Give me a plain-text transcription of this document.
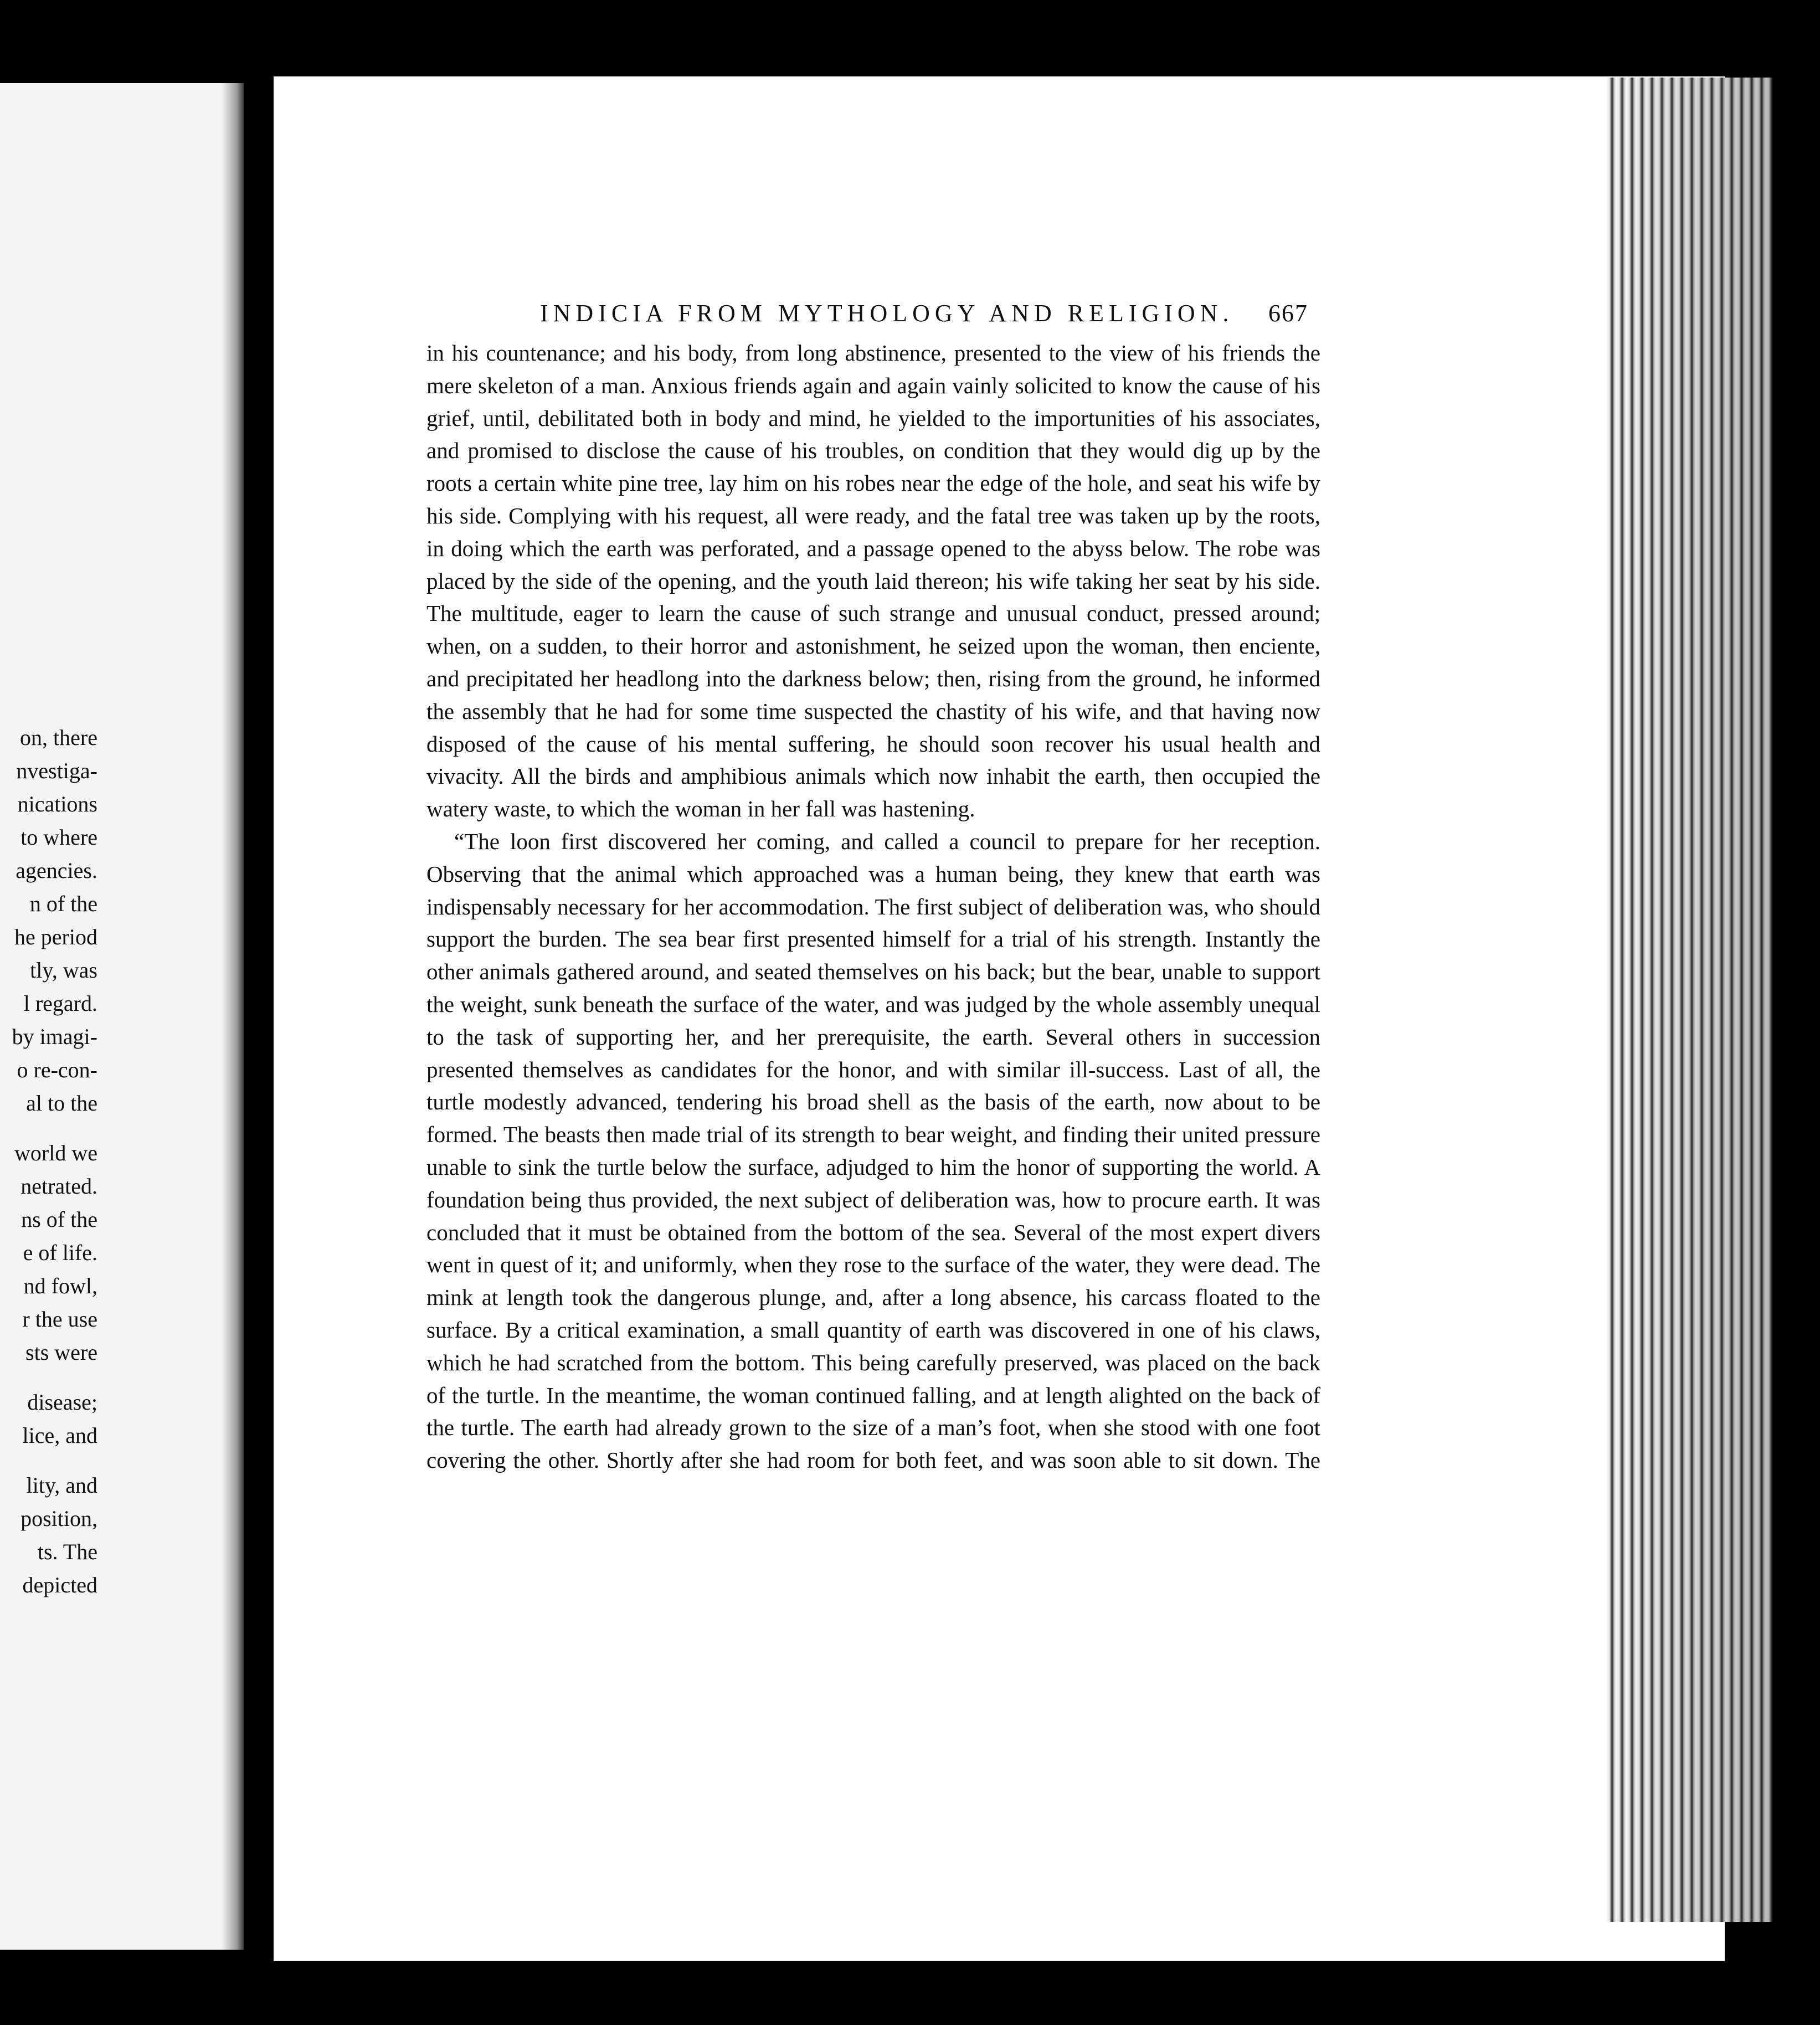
on, there
nvestiga-
nications
to where
agencies.
n of the
he period
tly, was
l regard.
by imagi-
o re-con-
al to the
world we
netrated.
ns of the
e of life.
nd fowl,
r the use
sts were
disease;
lice, and
lity, and
position,
ts. The
depicted
INDICIA FROM MYTHOLOGY AND RELIGION.	667

in his countenance; and his body, from long abstinence, presented to the view of his friends the mere skeleton of a man. Anxious friends again and again vainly solicited to know the cause of his grief, until, debilitated both in body and mind, he yielded to the importunities of his associates, and promised to disclose the cause of his troubles, on condition that they would dig up by the roots a certain white pine tree, lay him on his robes near the edge of the hole, and seat his wife by his side. Complying with his request, all were ready, and the fatal tree was taken up by the roots, in doing which the earth was perforated, and a passage opened to the abyss below. The robe was placed by the side of the opening, and the youth laid thereon; his wife taking her seat by his side. The multitude, eager to learn the cause of such strange and unusual conduct, pressed around; when, on a sudden, to their horror and astonishment, he seized upon the woman, then enciente, and precipitated her headlong into the darkness below; then, rising from the ground, he informed the assembly that he had for some time suspected the chastity of his wife, and that having now disposed of the cause of his mental suffering, he should soon recover his usual health and vivacity. All the birds and amphibious animals which now inhabit the earth, then occupied the watery waste, to which the woman in her fall was hastening.

“The loon first discovered her coming, and called a council to prepare for her reception. Observing that the animal which approached was a human being, they knew that earth was indispensably necessary for her accommodation. The first subject of deliberation was, who should support the burden. The sea bear first presented himself for a trial of his strength. Instantly the other animals gathered around, and seated themselves on his back; but the bear, unable to support the weight, sunk beneath the surface of the water, and was judged by the whole assembly unequal to the task of supporting her, and her prerequisite, the earth. Several others in succession presented themselves as candidates for the honor, and with similar ill-success. Last of all, the turtle modestly advanced, tendering his broad shell as the basis of the earth, now about to be formed. The beasts then made trial of its strength to bear weight, and finding their united pressure unable to sink the turtle below the surface, adjudged to him the honor of supporting the world. A foundation being thus provided, the next subject of deliberation was, how to procure earth. It was concluded that it must be obtained from the bottom of the sea. Several of the most expert divers went in quest of it; and uniformly, when they rose to the surface of the water, they were dead. The mink at length took the dangerous plunge, and, after a long absence, his carcass floated to the surface. By a critical examination, a small quantity of earth was discovered in one of his claws, which he had scratched from the bottom. This being carefully preserved, was placed on the back of the turtle. In the meantime, the woman continued falling, and at length alighted on the back of the turtle. The earth had already grown to the size of a man’s foot, when she stood with one foot covering the other. Shortly after she had room for both feet, and was soon able to sit down. The
